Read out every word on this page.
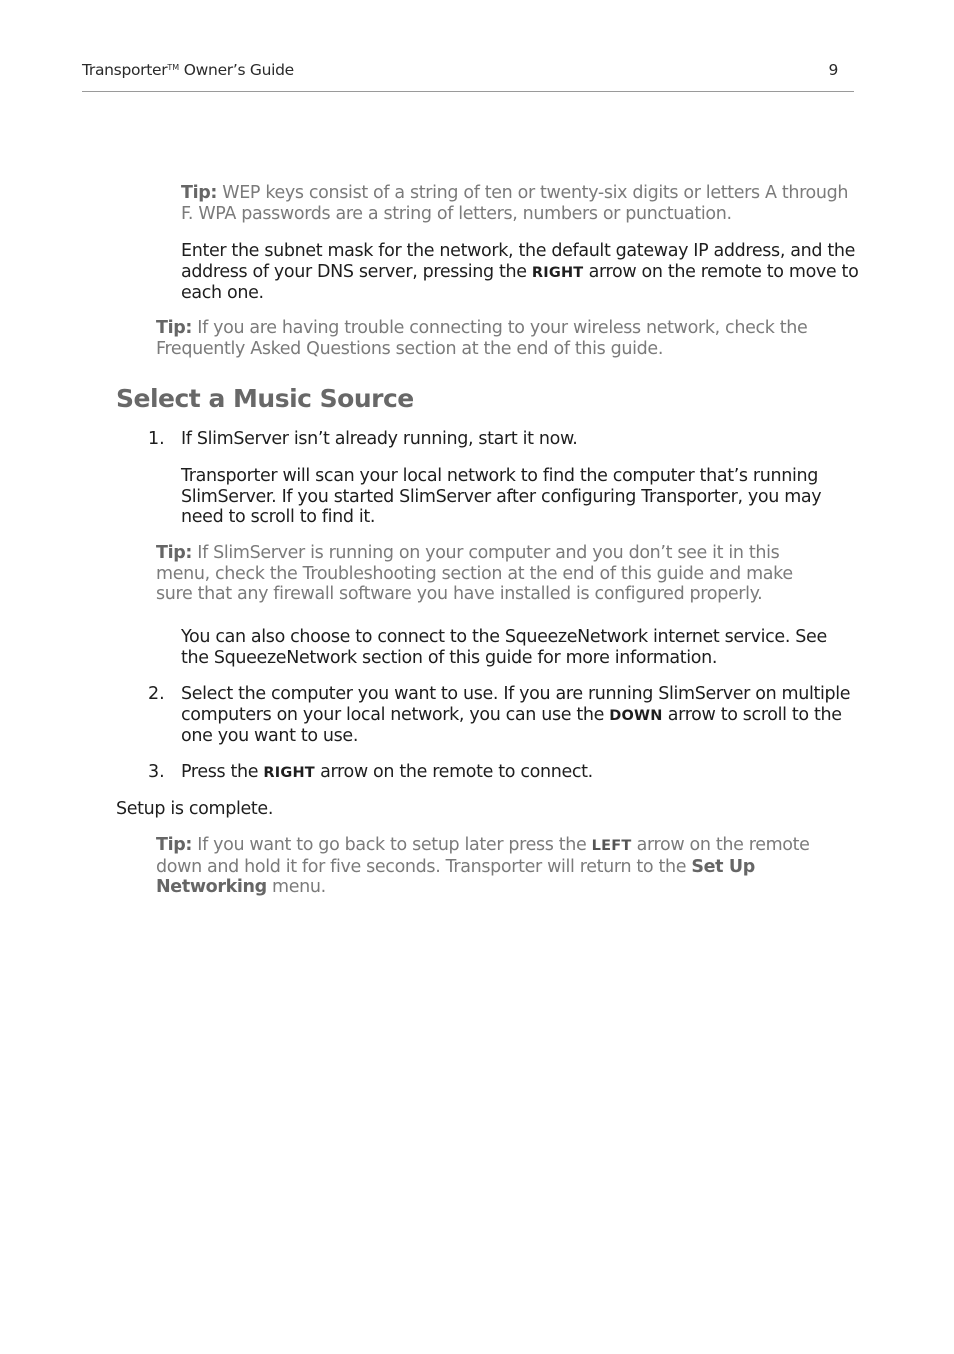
Transporter™ Owner’s Guide	9

Tip: WEP keys consist of a string of ten or twenty-six digits or letters A through F. WPA passwords are a string of letters, numbers or punctuation.

Enter the subnet mask for the network, the default gateway IP address, and the address of your DNS server, pressing the RIGHT arrow on the remote to move to each one.

Tip: If you are having trouble connecting to your wireless network, check the Frequently Asked Questions section at the end of this guide.

Select a Music Source
1. If SlimServer isn’t already running, start it now.

Transporter will scan your local network to find the computer that’s running SlimServer. If you started SlimServer after configuring Transporter, you may need to scroll to find it.

Tip: If SlimServer is running on your computer and you don’t see it in this menu, check the Troubleshooting section at the end of this guide and make sure that any firewall software you have installed is configured properly.

You can also choose to connect to the SqueezeNetwork internet service. See the SqueezeNetwork section of this guide for more information.

2. Select the computer you want to use. If you are running SlimServer on multiple computers on your local network, you can use the DOWN arrow to scroll to the one you want to use.

3. Press the RIGHT arrow on the remote to connect.

Setup is complete.

Tip: If you want to go back to setup later press the LEFT arrow on the remote down and hold it for five seconds. Transporter will return to the Set Up Networking menu.
